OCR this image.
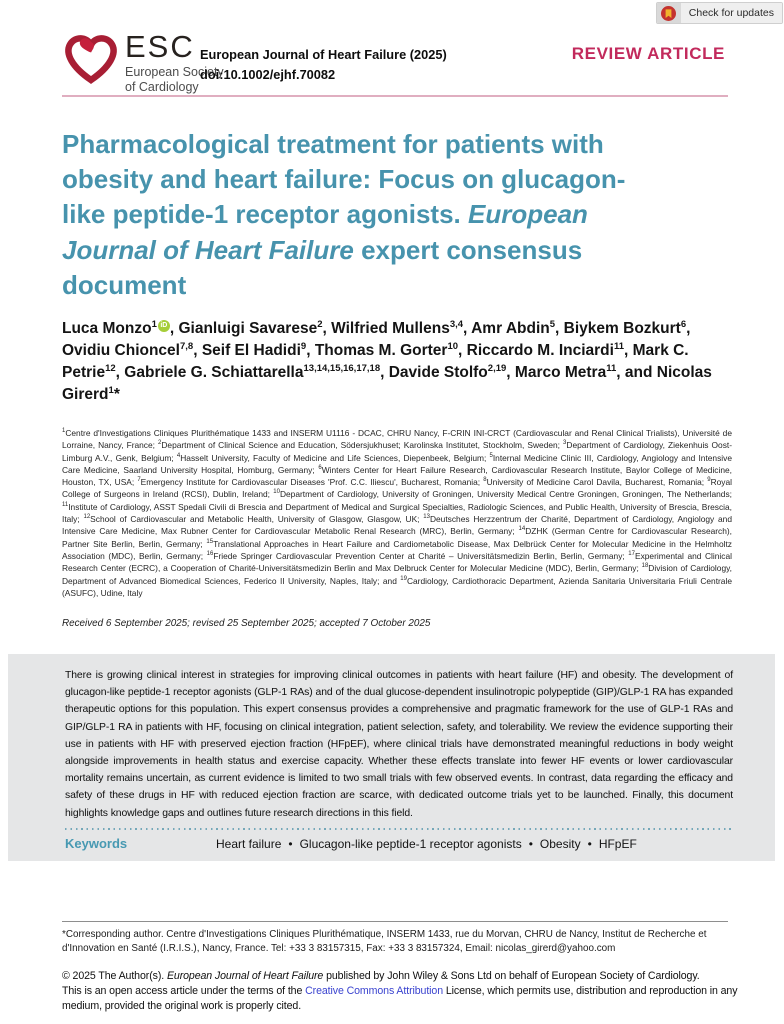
Check for updates
ESC
European Society
of Cardiology
European Journal of Heart Failure (2025)
doi:10.1002/ejhf.70082
REVIEW ARTICLE
Pharmacological treatment for patients with obesity and heart failure: Focus on glucagon-like peptide-1 receptor agonists. European Journal of Heart Failure expert consensus document

Luca Monzo$^1$ iD , Gianluigi Savarese$^2$, Wilfried Mullens$^{3,4}$, Amr Abdin$^5$, Biykem Bozkurt$^6$, Ovidiu Chioncel$^{7,8}$, Seif El Hadidi$^9$, Thomas M. Gorter$^{10}$, Riccardo M. Inciardi$^{11}$, Mark C. Petrie$^{12}$, Gabriele G. Schiattarella$^{13,14,15,16,17,18}$, Davide Stolfo$^{2,19}$, Marco Metra$^{11}$, and Nicolas Girerd$^1$*

$^1$Centre d'Investigations Cliniques Plurithématique 1433 and INSERM U1116 - DCAC, CHRU Nancy, F-CRIN INI-CRCT (Cardiovascular and Renal Clinical Trialists), Université de Lorraine, Nancy, France; $^2$Department of Clinical Science and Education, Södersjukhuset; Karolinska Institutet, Stockholm, Sweden; $^3$Department of Cardiology, Ziekenhuis Oost-Limburg A.V., Genk, Belgium; $^4$Hasselt University, Faculty of Medicine and Life Sciences, Diepenbeek, Belgium; $^5$Internal Medicine Clinic III, Cardiology, Angiology and Intensive Care Medicine, Saarland University Hospital, Homburg, Germany; $^6$Winters Center for Heart Failure Research, Cardiovascular Research Institute, Baylor College of Medicine, Houston, TX, USA; $^7$Emergency Institute for Cardiovascular Diseases 'Prof. C.C. Iliescu', Bucharest, Romania; $^8$University of Medicine Carol Davila, Bucharest, Romania; $^9$Royal College of Surgeons in Ireland (RCSI), Dublin, Ireland; $^{10}$Department of Cardiology, University of Groningen, University Medical Centre Groningen, Groningen, The Netherlands; $^{11}$Institute of Cardiology, ASST Spedali Civili di Brescia and Department of Medical and Surgical Specialties, Radiologic Sciences, and Public Health, University of Brescia, Brescia, Italy; $^{12}$School of Cardiovascular and Metabolic Health, University of Glasgow, Glasgow, UK; $^{13}$Deutsches Herzzentrum der Charité, Department of Cardiology, Angiology and Intensive Care Medicine, Max Rubner Center for Cardiovascular Metabolic Renal Research (MRC), Berlin, Germany; $^{14}$DZHK (German Centre for Cardiovascular Research), Partner Site Berlin, Berlin, Germany; $^{15}$Translational Approaches in Heart Failure and Cardiometabolic Disease, Max Delbrück Center for Molecular Medicine in the Helmholtz Association (MDC), Berlin, Germany; $^{16}$Friede Springer Cardiovascular Prevention Center at Charité – Universitätsmedizin Berlin, Berlin, Germany; $^{17}$Experimental and Clinical Research Center (ECRC), a Cooperation of Charité-Universitätsmedizin Berlin and Max Delbruck Center for Molecular Medicine (MDC), Berlin, Germany; $^{18}$Division of Cardiology, Department of Advanced Biomedical Sciences, Federico II University, Naples, Italy; and $^{19}$Cardiology, Cardiothoracic Department, Azienda Sanitaria Universitaria Friuli Centrale (ASUFC), Udine, Italy

Received 6 September 2025; revised 25 September 2025; accepted 7 October 2025

There is growing clinical interest in strategies for improving clinical outcomes in patients with heart failure (HF) and obesity. The development of glucagon-like peptide-1 receptor agonists (GLP-1 RAs) and of the dual glucose-dependent insulinotropic polypeptide (GIP)/GLP-1 RA has expanded therapeutic options for this population. This expert consensus provides a comprehensive and pragmatic framework for the use of GLP-1 RAs and GIP/GLP-1 RA in patients with HF, focusing on clinical integration, patient selection, safety, and tolerability. We review the evidence supporting their use in patients with HF with preserved ejection fraction (HFpEF), where clinical trials have demonstrated meaningful reductions in body weight alongside improvements in health status and exercise capacity. Whether these effects translate into fewer HF events or lower cardiovascular mortality remains uncertain, as current evidence is limited to two small trials with few observed events. In contrast, data regarding the efficacy and safety of these drugs in HF with reduced ejection fraction are scarce, with dedicated outcome trials yet to be launched. Finally, this document highlights knowledge gaps and outlines future research directions in this field.

Keywords	Heart failure • Glucagon-like peptide-1 receptor agonists • Obesity • HFpEF

*Corresponding author. Centre d'Investigations Cliniques Plurithématique, INSERM 1433, rue du Morvan, CHRU de Nancy, Institut de Recherche et d'Innovation en Santé (I.R.I.S.), Nancy, France. Tel: +33 3 83157315, Fax: +33 3 83157324, Email: nicolas_girerd@yahoo.com

© 2025 The Author(s). European Journal of Heart Failure published by John Wiley & Sons Ltd on behalf of European Society of Cardiology.

This is an open access article under the terms of the Creative Commons Attribution License, which permits use, distribution and reproduction in any medium, provided the original work is properly cited.
